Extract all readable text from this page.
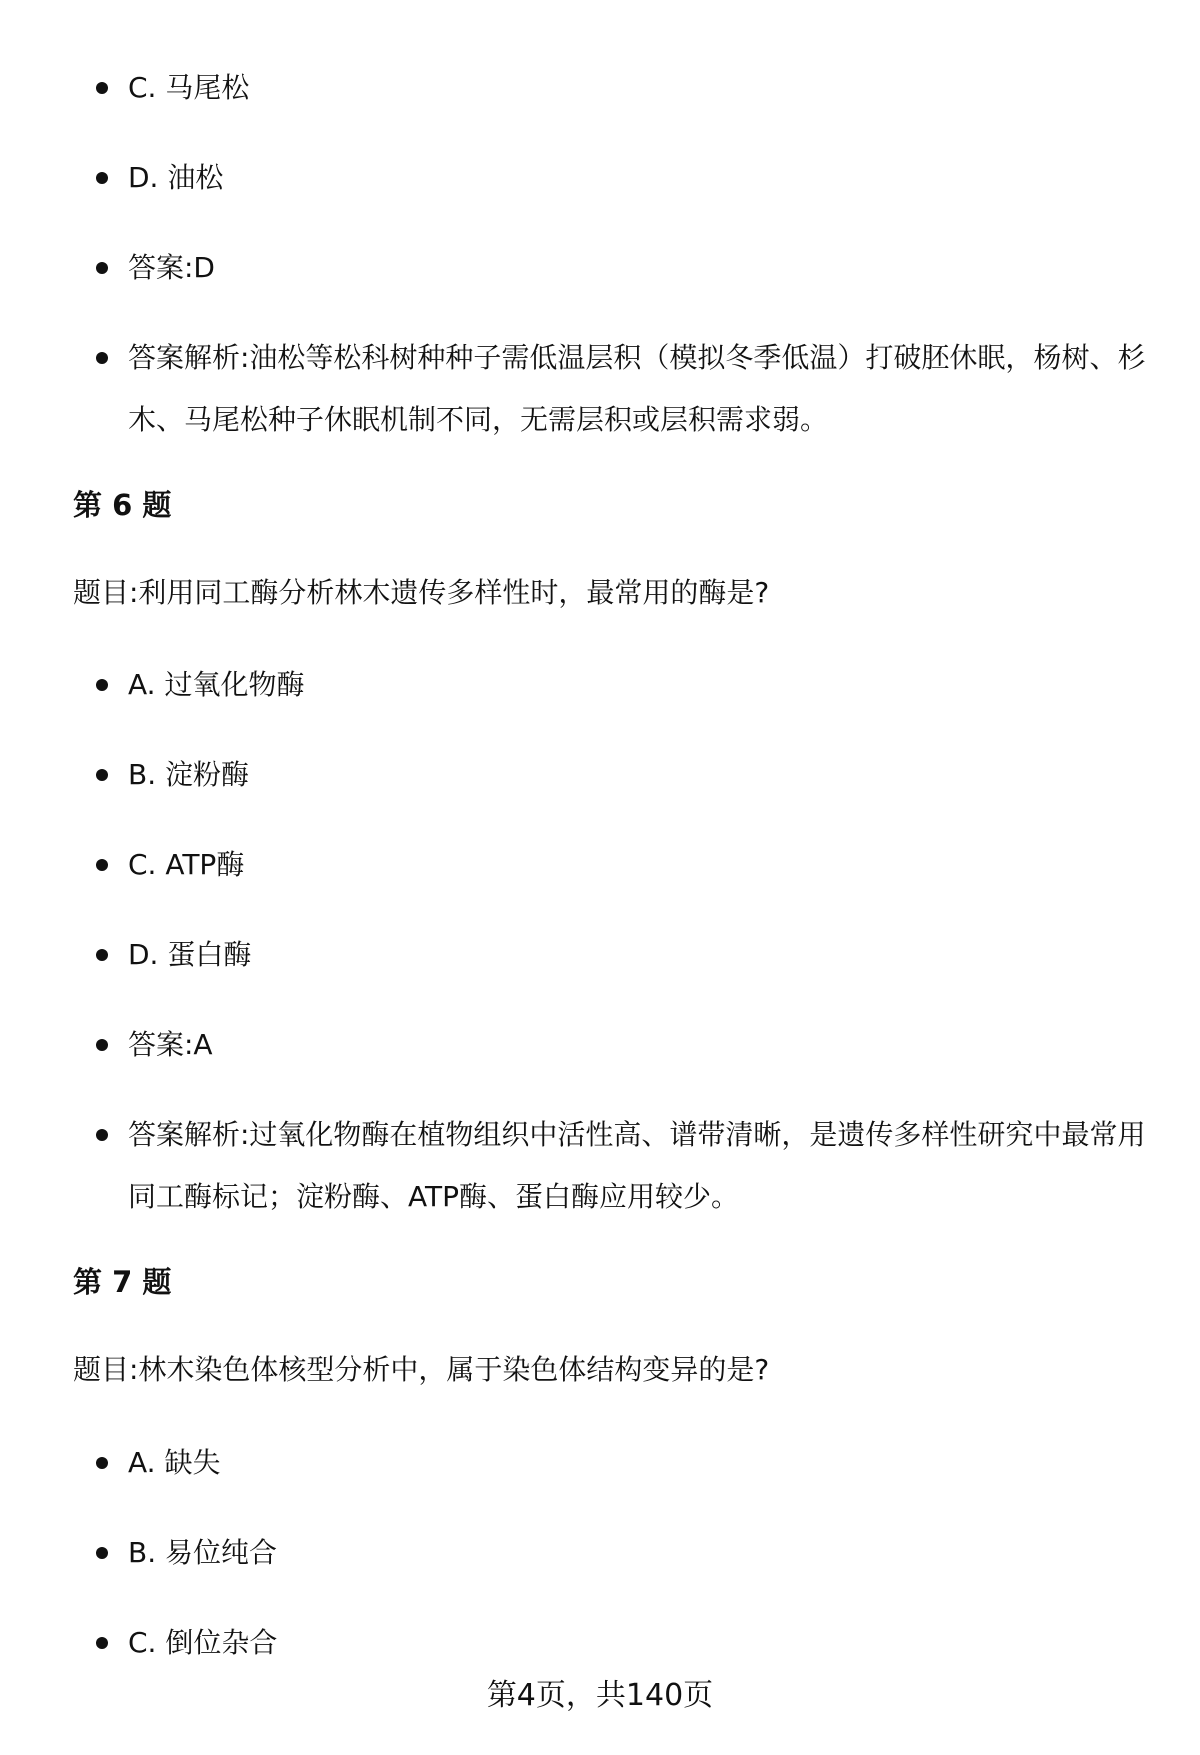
C. 马尾松
D. 油松
答案:D
答案解析:油松等松科树种种子需低温层积（模拟冬季低温）打破胚休眠，杨树、杉木、马尾松种子休眠机制不同，无需层积或层积需求弱。
第 6 题
题目:利用同工酶分析林木遗传多样性时，最常用的酶是?
A. 过氧化物酶
B. 淀粉酶
C. ATP酶
D. 蛋白酶
答案:A
答案解析:过氧化物酶在植物组织中活性高、谱带清晰，是遗传多样性研究中最常用同工酶标记；淀粉酶、ATP酶、蛋白酶应用较少。
第 7 题
题目:林木染色体核型分析中，属于染色体结构变异的是?
A. 缺失
B. 易位纯合
C. 倒位杂合
第4页，共140页
